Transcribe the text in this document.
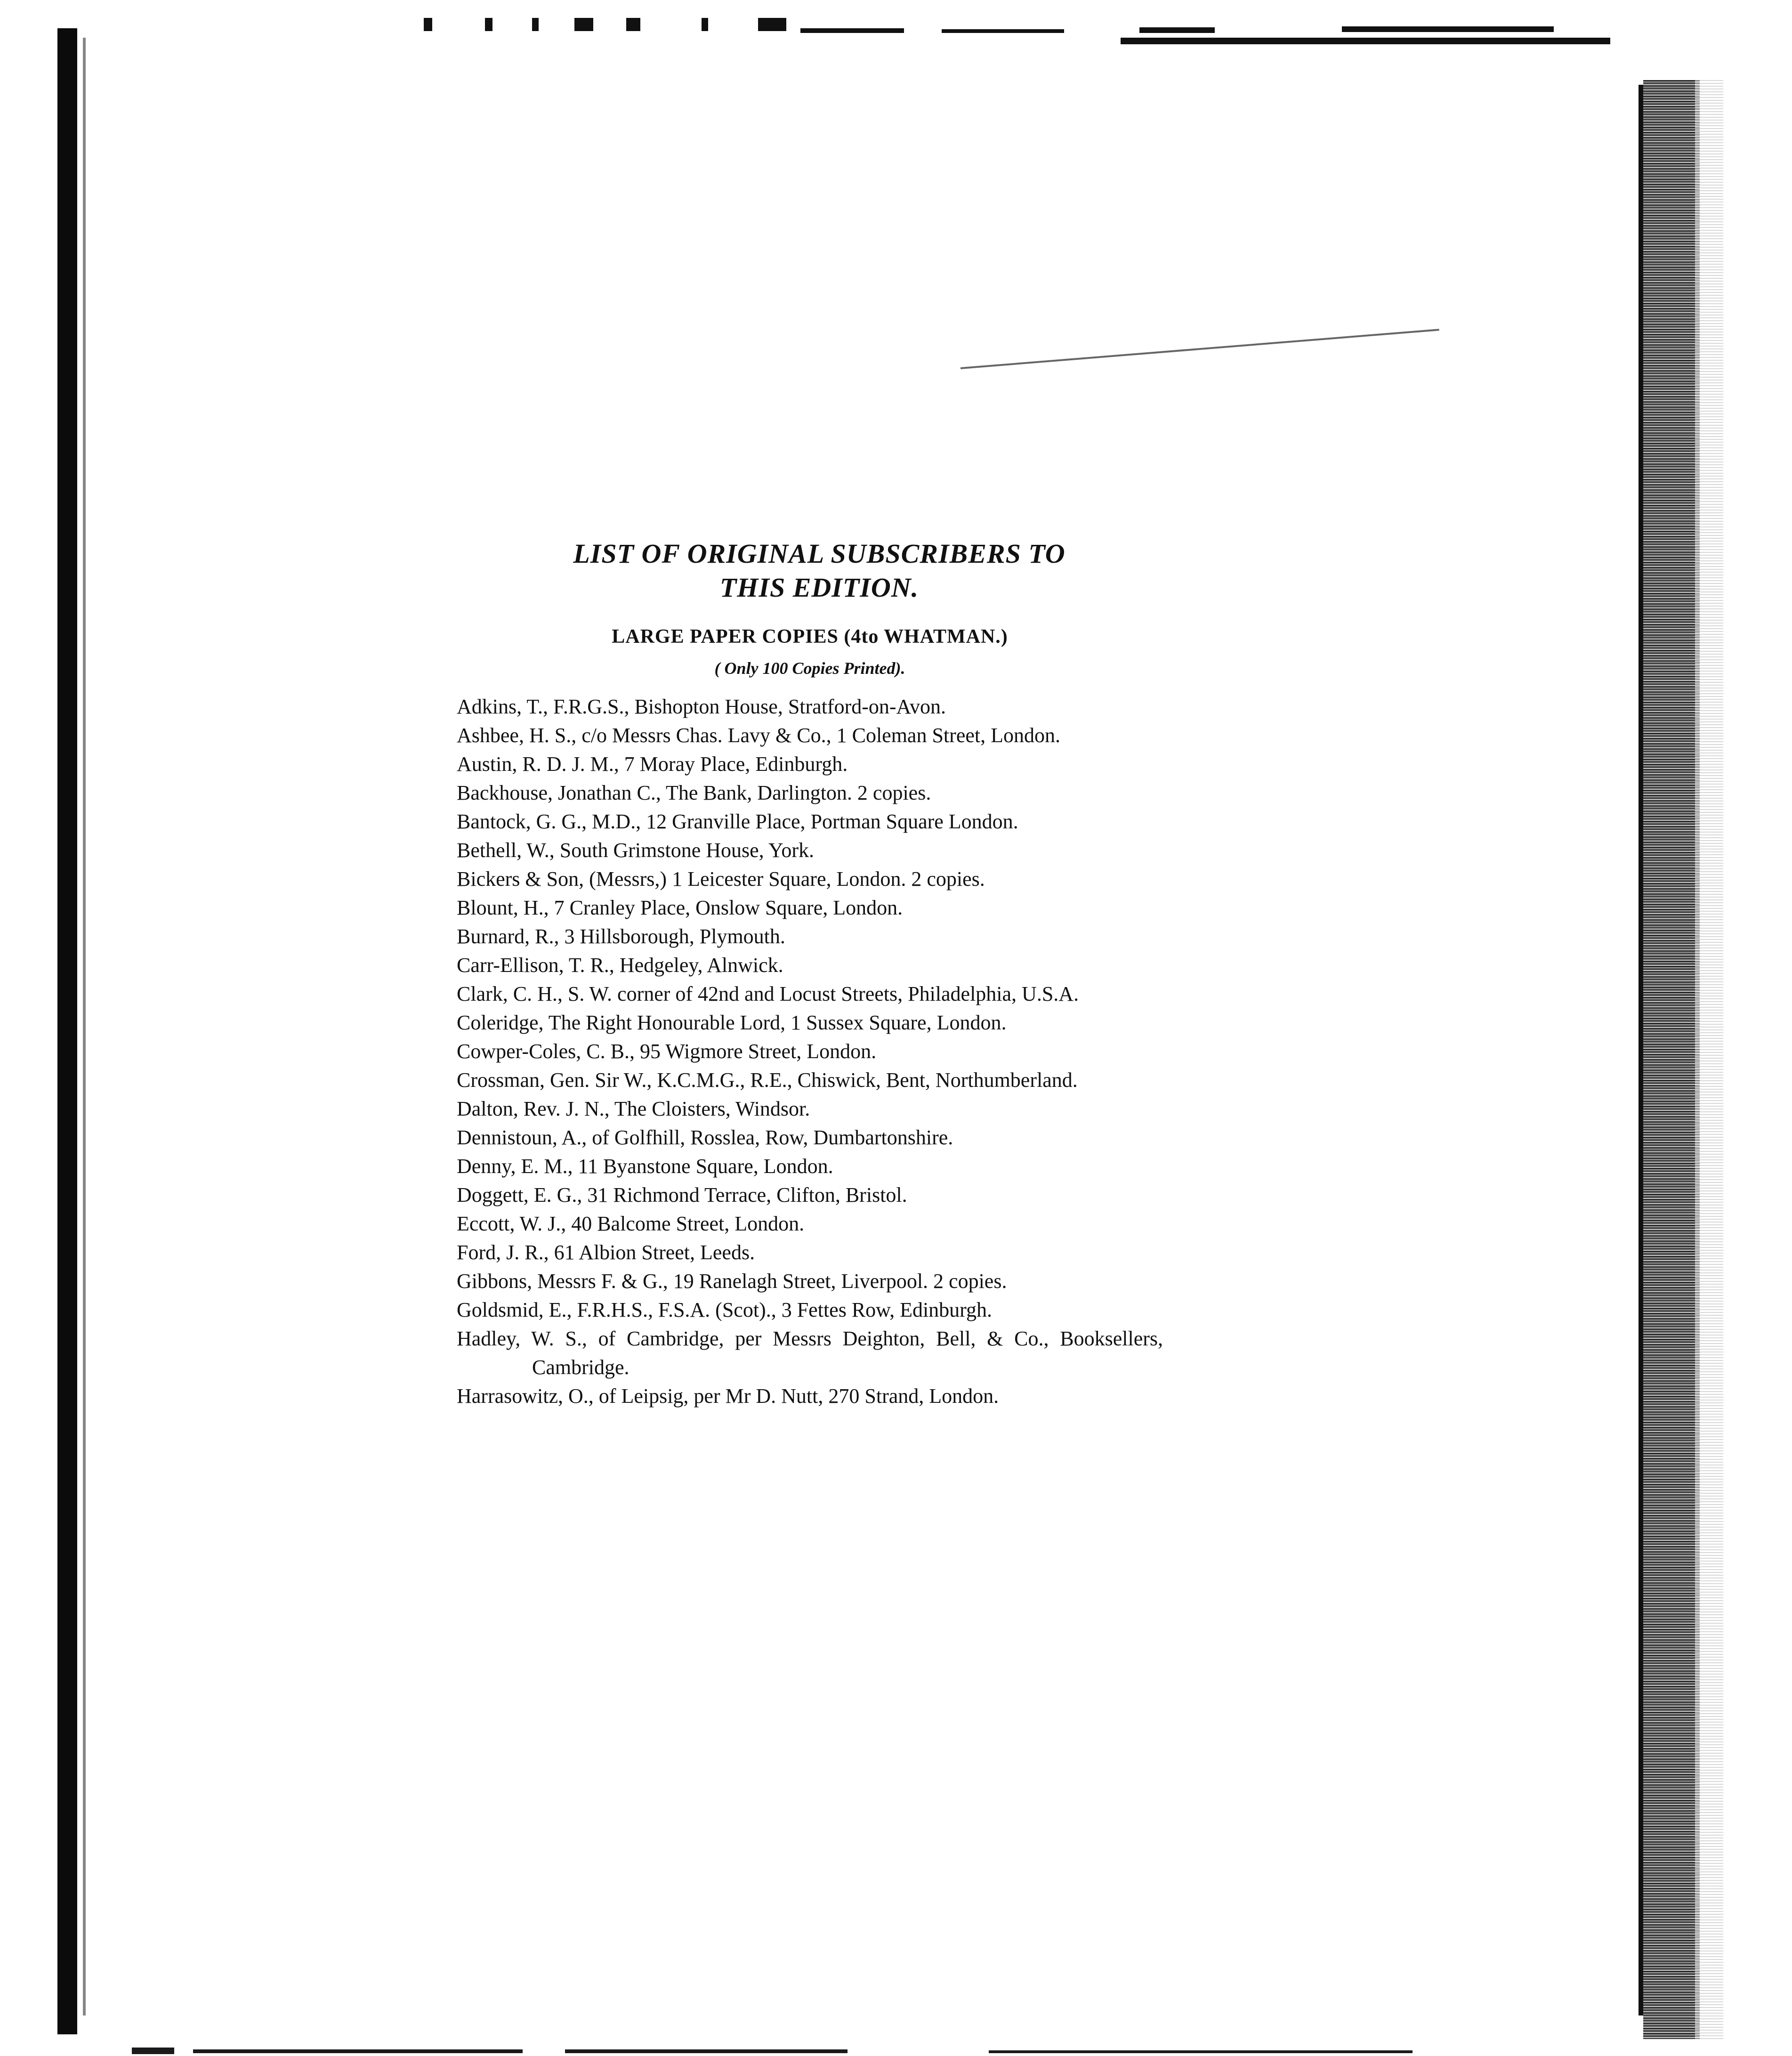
LIST OF ORIGINAL SUBSCRIBERS TO
THIS EDITION.
LARGE PAPER COPIES (4to WHATMAN.)
( Only 100 Copies Printed).
Adkins, T., F.R.G.S., Bishopton House, Stratford-on-Avon.
Ashbee, H. S., c/o Messrs Chas. Lavy & Co., 1 Coleman Street, London.
Austin, R. D. J. M., 7 Moray Place, Edinburgh.
Backhouse, Jonathan C., The Bank, Darlington. 2 copies.
Bantock, G. G., M.D., 12 Granville Place, Portman Square London.
Bethell, W., South Grimstone House, York.
Bickers & Son, (Messrs,) 1 Leicester Square, London. 2 copies.
Blount, H., 7 Cranley Place, Onslow Square, London.
Burnard, R., 3 Hillsborough, Plymouth.
Carr-Ellison, T. R., Hedgeley, Alnwick.
Clark, C. H., S. W. corner of 42nd and Locust Streets, Philadelphia, U.S.A.
Coleridge, The Right Honourable Lord, 1 Sussex Square, London.
Cowper-Coles, C. B., 95 Wigmore Street, London.
Crossman, Gen. Sir W., K.C.M.G., R.E., Chiswick, Bent, Northumberland.
Dalton, Rev. J. N., The Cloisters, Windsor.
Dennistoun, A., of Golfhill, Rosslea, Row, Dumbartonshire.
Denny, E. M., 11 Byanstone Square, London.
Doggett, E. G., 31 Richmond Terrace, Clifton, Bristol.
Eccott, W. J., 40 Balcome Street, London.
Ford, J. R., 61 Albion Street, Leeds.
Gibbons, Messrs F. & G., 19 Ranelagh Street, Liverpool. 2 copies.
Goldsmid, E., F.R.H.S., F.S.A. (Scot)., 3 Fettes Row, Edinburgh.
Hadley, W. S., of Cambridge, per Messrs Deighton, Bell, & Co., Booksellers, Cambridge.
Harrasowitz, O., of Leipsig, per Mr D. Nutt, 270 Strand, London.
